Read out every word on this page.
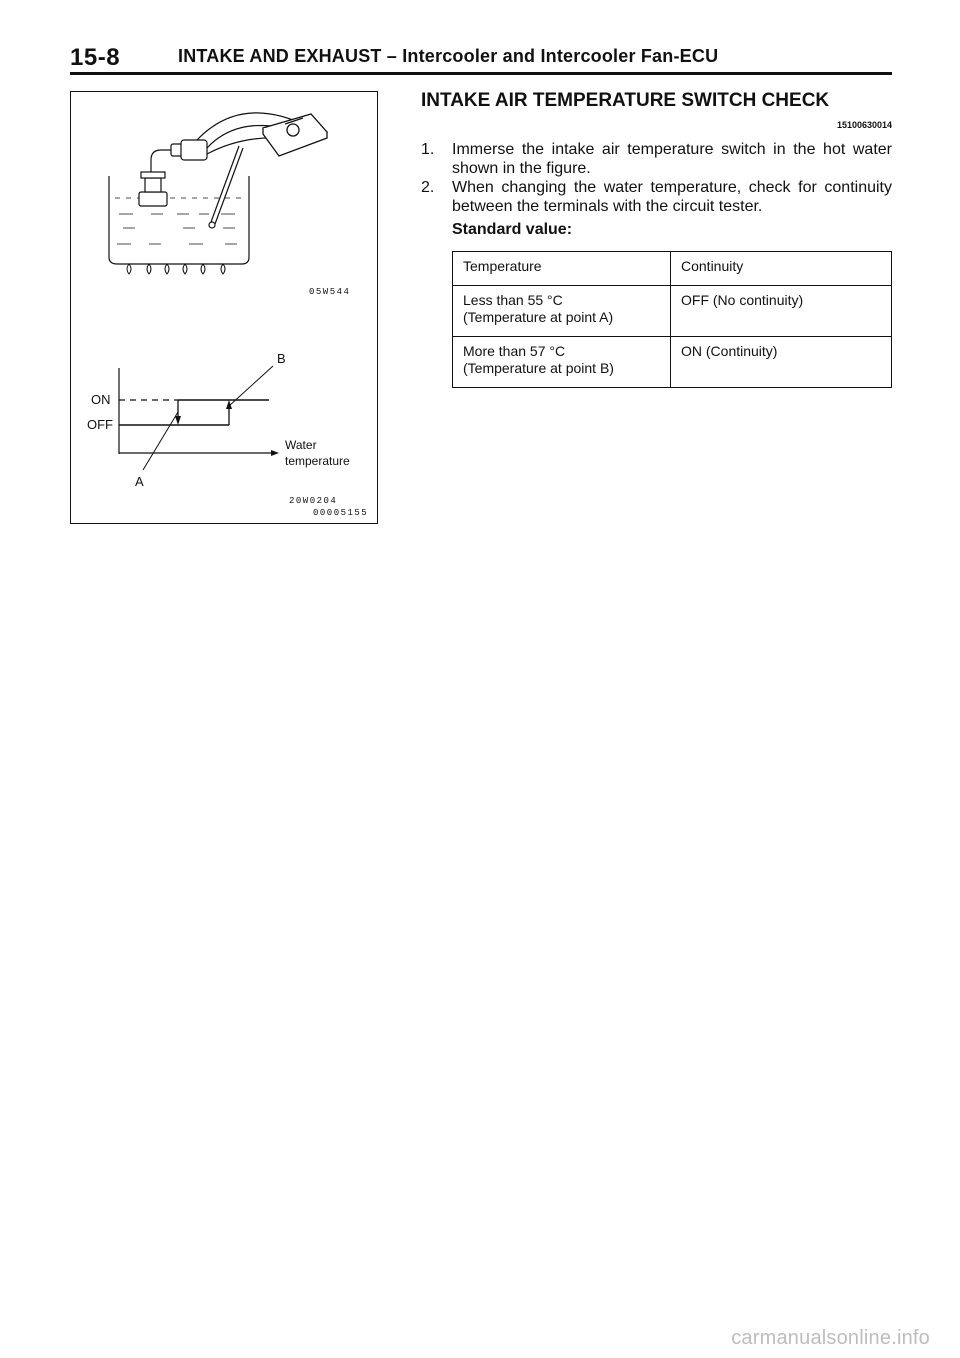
15-8	INTAKE AND EXHAUST – Intercooler and Intercooler Fan-ECU
05W544
ON
OFF
A
B
Water
temperature
20W0204
00005155
INTAKE AIR TEMPERATURE SWITCH CHECK
15100630014
1. Immerse the intake air temperature switch in the hot water shown in the figure.
2. When changing the water temperature, check for continuity between the terminals with the circuit tester.
Standard value:
Temperature	Continuity

Less than 55 °C
(Temperature at point A)	OFF (No continuity)

More than 57 °C
(Temperature at point B)	ON (Continuity)
carmanualsonline.info
